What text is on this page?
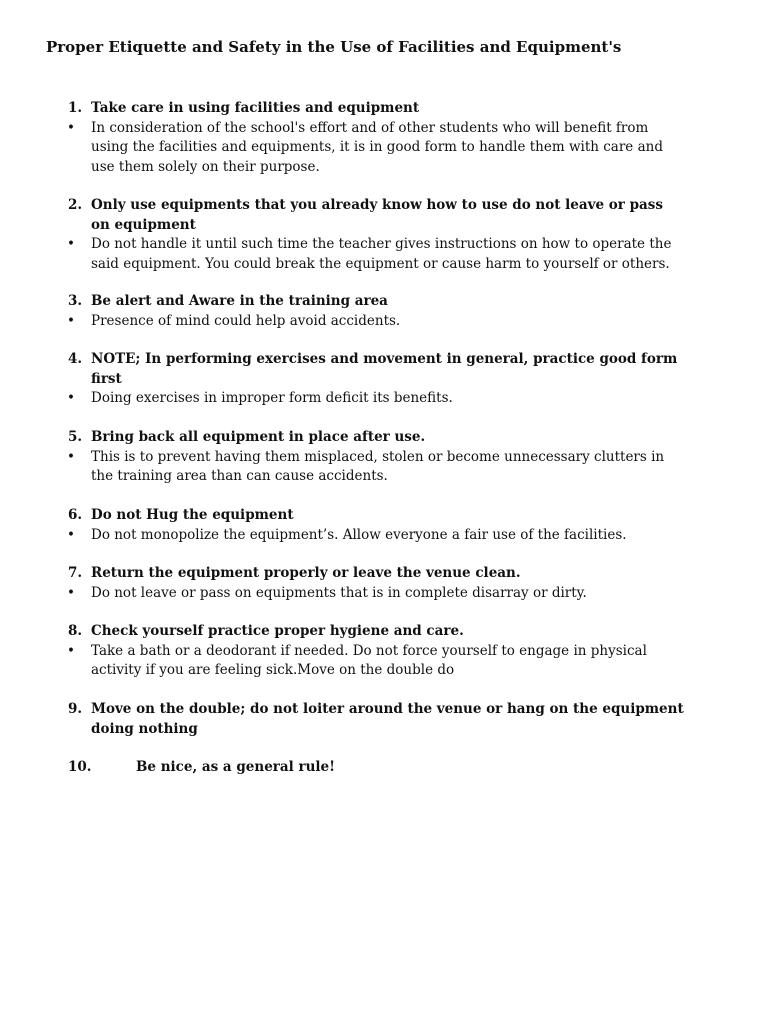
Proper Etiquette and Safety in the Use of Facilities and Equipment's
1. Take care in using facilities and equipment
• In consideration of the school's effort and of other students who will benefit from
using the facilities and equipments, it is in good form to handle them with care and
use them solely on their purpose.
2. Only use equipments that you already know how to use do not leave or pass
on equipment
• Do not handle it until such time the teacher gives instructions on how to operate the
said equipment. You could break the equipment or cause harm to yourself or others.
3. Be alert and Aware in the training area
• Presence of mind could help avoid accidents.
4. NOTE; In performing exercises and movement in general, practice good form
first
• Doing exercises in improper form deficit its benefits.
5. Bring back all equipment in place after use.
• This is to prevent having them misplaced, stolen or become unnecessary clutters in
the training area than can cause accidents.
6. Do not Hug the equipment
• Do not monopolize the equipment’s. Allow everyone a fair use of the facilities.
7. Return the equipment properly or leave the venue clean.
• Do not leave or pass on equipments that is in complete disarray or dirty.
8. Check yourself practice proper hygiene and care.
• Take a bath or a deodorant if needed. Do not force yourself to engage in physical
activity if you are feeling sick.Move on the double do
9. Move on the double; do not loiter around the venue or hang on the equipment
doing nothing
10.	Be nice, as a general rule!
